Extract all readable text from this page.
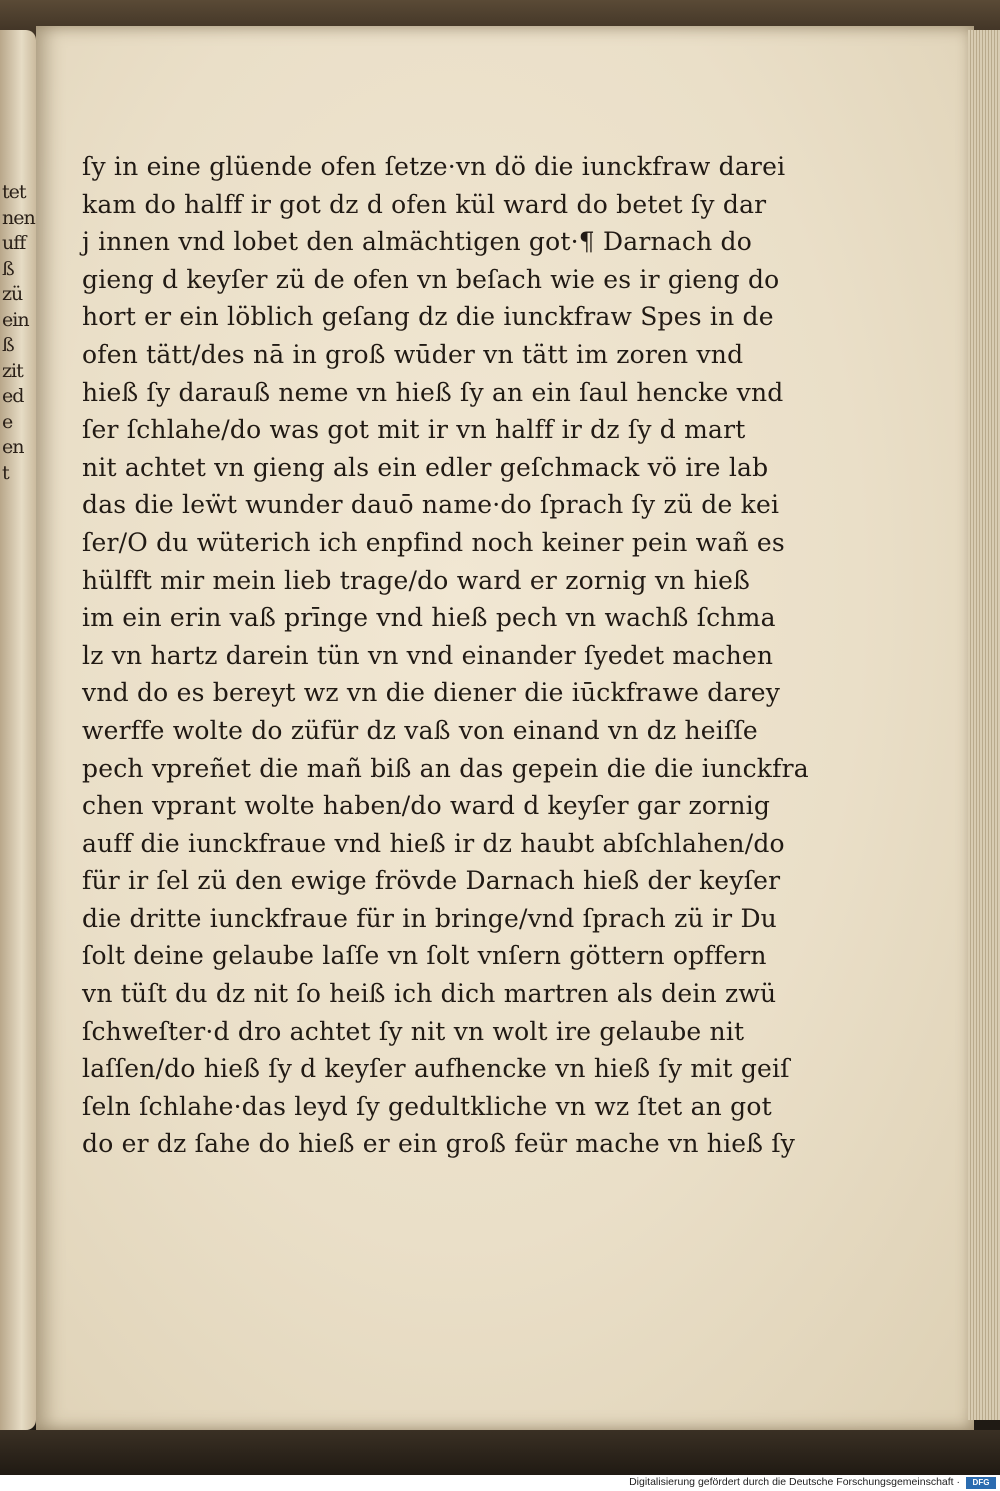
tet
nen
uff
ß
zü
ein
ß
zit
ed
e
en
t
ſy in eine glüende ofen ſetze·vn dö die iunckfraw darei
kam do halff ir got dz d ofen kül ward do betet ſy dar
j innen vnd lobet den almächtigen got·¶ Darnach do
gieng d keyſer zü de ofen vn beſach wie es ir gieng do
hort er ein löblich geſang dz die iunckfraw Spes in de
ofen tätt/des nā in groß wūder vn tätt im zoren vnd
hieß ſy darauß neme vn hieß ſy an ein ſaul hencke vnd
ſer ſchlahe/do was got mit ir vn halff ir dz ſy d mart
nit achtet vn gieng als ein edler geſchmack vö ire lab
das die leẅt wunder dauō name·do ſprach ſy zü de kei
ſer/O du wüterich ich enpfind noch keiner pein wañ es
hülfft mir mein lieb trage/do ward er zornig vn hieß
im ein erin vaß prīnge vnd hieß pech vn wachß ſchma
lz vn hartz darein tün vn vnd einander ſyedet machen
vnd do es bereyt wz vn die diener die iūckfrawe darey
werffe wolte do züfür dz vaß von einand vn dz heiſſe
pech vpreñet die mañ biß an das gepein die die iunckfra
chen vprant wolte haben/do ward d keyſer gar zornig
auff die iunckfraue vnd hieß ir dz haubt abſchlahen/do
für ir ſel zü den ewige frövde Darnach hieß der keyſer
die dritte iunckfraue für in bringe/vnd ſprach zü ir Du
ſolt deine gelaube laſſe vn ſolt vnſern göttern opffern
vn tüſt du dz nit ſo heiß ich dich martren als dein zwü
ſchweſter·d dro achtet ſy nit vn wolt ire gelaube nit
laſſen/do hieß ſy d keyſer aufhencke vn hieß ſy mit geiſ
ſeln ſchlahe·das leyd ſy gedultkliche vn wz ſtet an got
do er dz ſahe do hieß er ein groß feür mache vn hieß ſy
Digitalisierung gefördert durch die Deutsche Forschungsgemeinschaft ·	DFG
